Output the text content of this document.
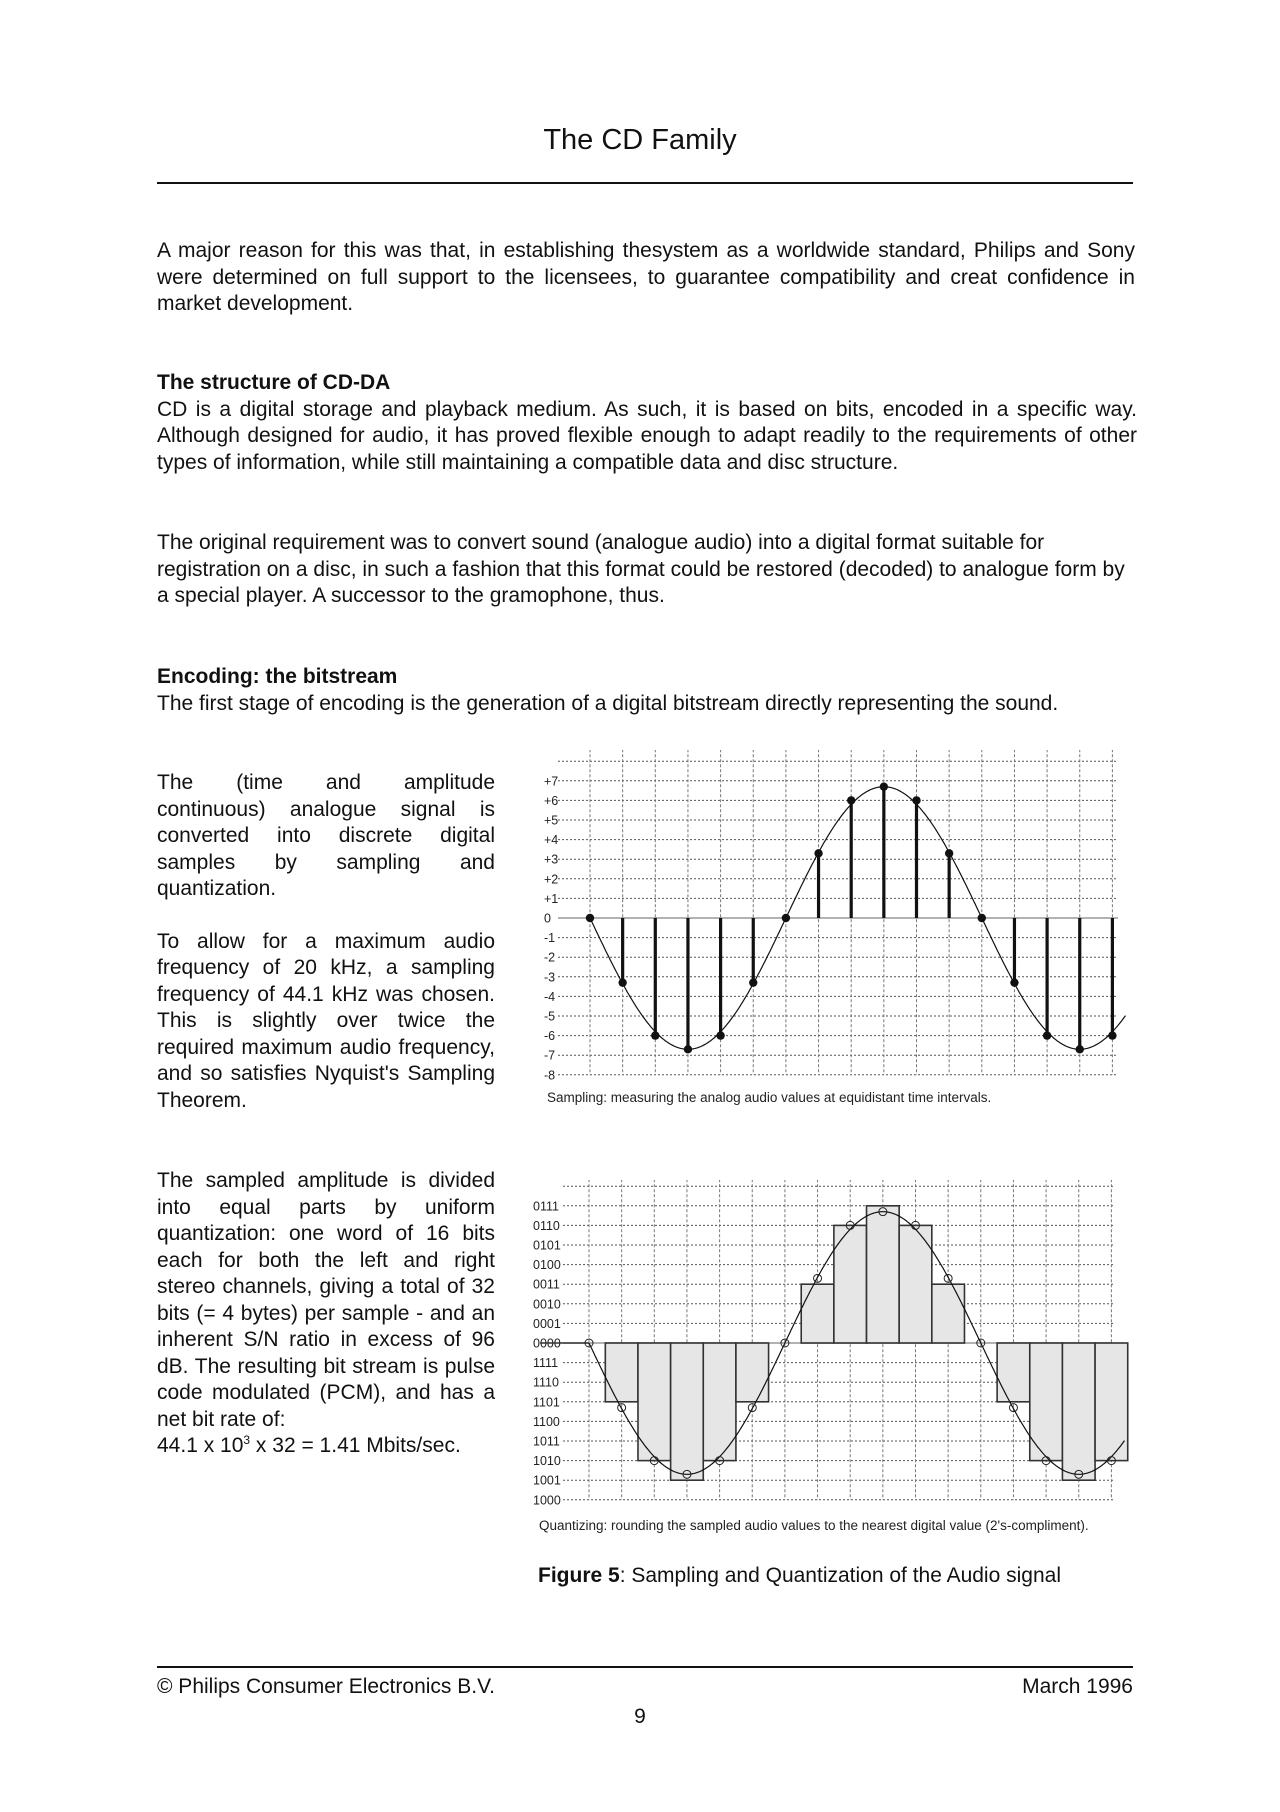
The CD Family

A major reason for this was that, in establishing thesystem as a worldwide standard, Philips and Sony were determined on full support to the licensees, to guarantee compatibility and creat confidence in market development.

The structure of CD-DA

CD is a digital storage and playback medium. As such, it is based on bits, encoded in a specific way. Although designed for audio, it has proved flexible enough to adapt readily to the requirements of other types of information, while still maintaining a compatible data and disc structure.

The original requirement was to convert sound (analogue audio) into a digital format suitable for registration on a disc, in such a fashion that this format could be restored (decoded) to analogue form by a special player. A successor to the gramophone, thus.

Encoding: the bitstream

The first stage of encoding is the generation of a digital bitstream directly representing the sound.

The (time and amplitude continuous) analogue signal is converted into discrete digital samples by sampling and quantization.

To allow for a maximum audio frequency of 20 kHz, a sampling frequency of 44.1 kHz was chosen. This is slightly over twice the required maximum audio frequency, and so satisfies Nyquist's Sampling Theorem.

The sampled amplitude is divided into equal parts by uniform quantization: one word of 16 bits each for both the left and right stereo channels, giving a total of 32 bits (= 4 bytes) per sample - and an inherent S/N ratio in excess of 96 dB. The resulting bit stream is pulse code modulated (PCM), and has a net bit rate of:

44.1 x $10^3$ x 32 = 1.41 Mbits/sec.

+7
+6
+5
+4
+3
+2
+1
0
-1
-2
-3
-4
-5
-6
-7
-8
Sampling: measuring the analog audio values at equidistant time intervals.
0111
0110
0101
0100
0011
0010
0001
0000
1111
1110
1101
1100
1011
1010
1001
1000
Quantizing: rounding the sampled audio values to the nearest digital value (2's-compliment).
Figure 5: Sampling and Quantization of the Audio signal
© Philips Consumer Electronics B.V.	March 1996
9
